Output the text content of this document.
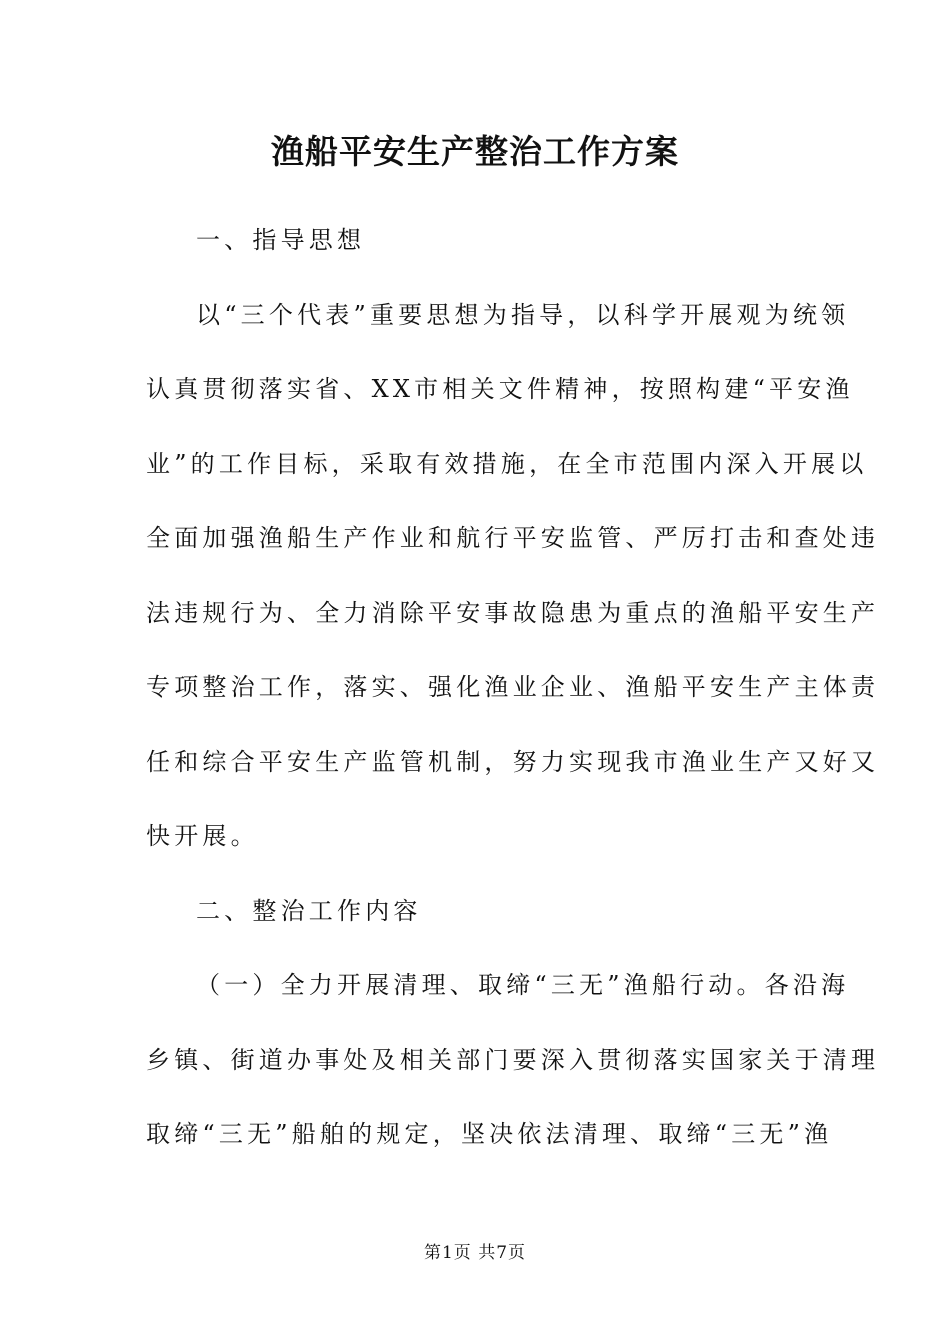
渔船平安生产整治工作方案
一、指导思想
以“三个代表”重要思想为指导，以科学开展观为统领
认真贯彻落实省、XX市相关文件精神，按照构建“平安渔
业”的工作目标，采取有效措施，在全市范围内深入开展以
全面加强渔船生产作业和航行平安监管、严厉打击和查处违
法违规行为、全力消除平安事故隐患为重点的渔船平安生产
专项整治工作，落实、强化渔业企业、渔船平安生产主体责
任和综合平安生产监管机制，努力实现我市渔业生产又好又
快开展。
二、整治工作内容
（一）全力开展清理、取缔“三无”渔船行动。各沿海
乡镇、街道办事处及相关部门要深入贯彻落实国家关于清理
取缔“三无”船舶的规定，坚决依法清理、取缔“三无”渔
第1页 共7页
